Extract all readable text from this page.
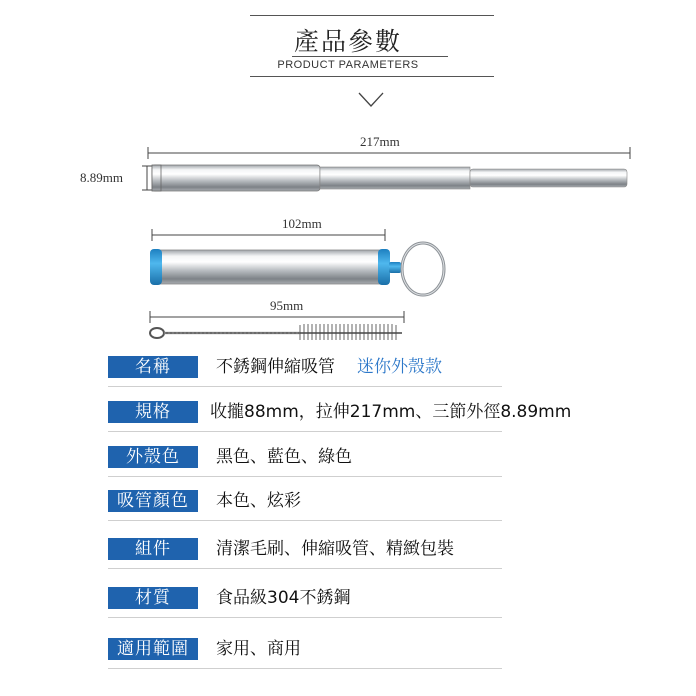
產品參數
PRODUCT PARAMETERS
217mm
8.89mm
102mm
95mm
名稱	不銹鋼伸縮吸管 迷你外殼款
規格	收攏88mm，拉伸217mm、三節外徑8.89mm
外殼色	黑色、藍色、綠色
吸管顏色	本色、炫彩
組件	清潔毛刷、伸縮吸管、精緻包裝
材質	食品級304不銹鋼
適用範圍	家用、商用
